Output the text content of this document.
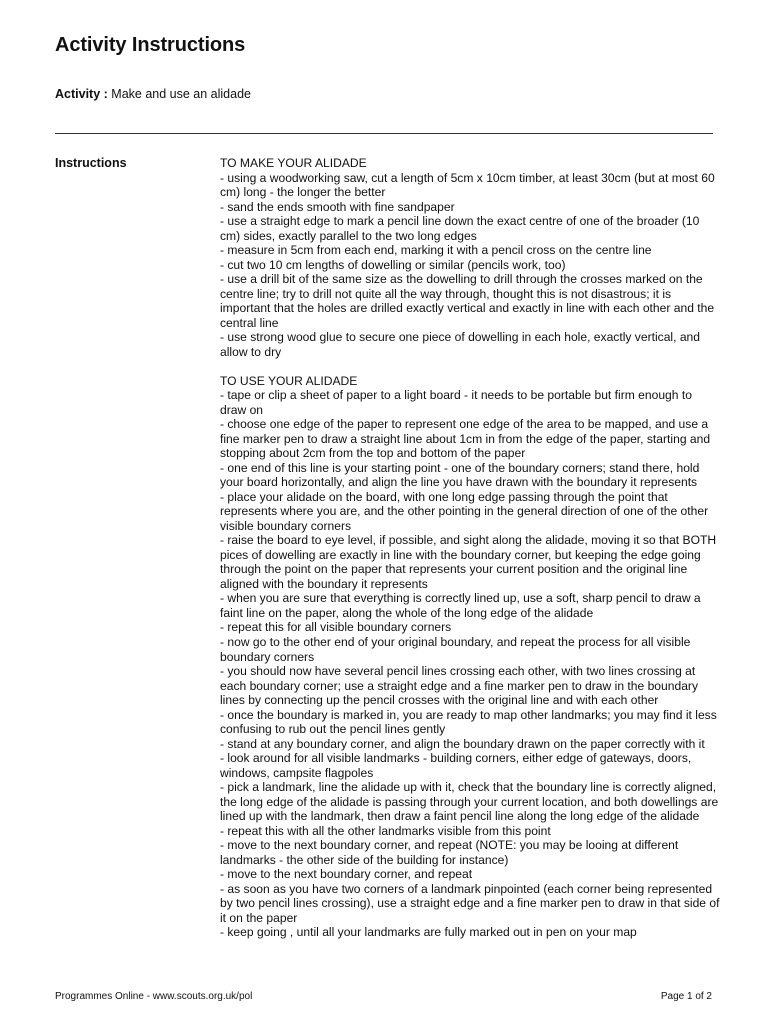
Activity Instructions
Activity : Make and use an alidade
Instructions	TO MAKE YOUR ALIDADE
- using a woodworking saw, cut a length of 5cm x 10cm timber, at least 30cm (but at most 60 cm) long - the longer the better
- sand the ends smooth with fine sandpaper
- use a straight edge to mark a pencil line down the exact centre of one of the broader (10 cm) sides, exactly parallel to the two long edges
- measure in 5cm from each end, marking it with a pencil cross on the centre line
- cut two 10 cm lengths of dowelling or similar (pencils work, too)
- use a drill bit of the same size as the dowelling to drill through the crosses marked on the centre line; try to drill not quite all the way through, thought this is not disastrous; it is important that the holes are drilled exactly vertical and exactly in line with each other and the central line
- use strong wood glue to secure one piece of dowelling in each hole, exactly vertical, and allow to dry

TO USE YOUR ALIDADE
- tape or clip a sheet of paper to a light board - it needs to be portable but firm enough to draw on
- choose one edge of the paper to represent one edge of the area to be mapped, and use a fine marker pen to draw a straight line about 1cm in from the edge of the paper, starting and stopping about 2cm from the top and bottom of the paper
- one end of this line is your starting point - one of the boundary corners; stand there, hold your board horizontally, and align the line you have drawn with the boundary it represents
- place your alidade on the board, with one long edge passing through the point that represents where you are, and the other pointing in the general direction of one of the other visible boundary corners
- raise the board to eye level, if possible, and sight along the alidade, moving it so that BOTH pices of dowelling are exactly in line with the boundary corner, but keeping the edge going through the point on the paper that represents your current position and the original line aligned with the boundary it represents
- when you are sure that everything is correctly lined up, use a soft, sharp pencil to draw a faint line on the paper, along the whole of the long edge of the alidade
- repeat this for all visible boundary corners
- now go to the other end of your original boundary, and repeat the process for all visible boundary corners
- you should now have several pencil lines crossing each other, with two lines crossing at each boundary corner; use a straight edge and a fine marker pen to draw in the boundary lines by connecting up the pencil crosses with the original line and with each other
- once the boundary is marked in, you are ready to map other landmarks; you may find it less confusing to rub out the pencil lines gently
- stand at any boundary corner, and align the boundary drawn on the paper correctly with it
- look around for all visible landmarks - building corners, either edge of gateways, doors, windows, campsite flagpoles
- pick a landmark, line the alidade up with it, check that the boundary line is correctly aligned, the long edge of the alidade is passing through your current location, and both dowellings are lined up with the landmark, then draw a faint pencil line along the long edge of the alidade
- repeat this with all the other landmarks visible from this point
- move to the next boundary corner, and repeat (NOTE: you may be looing at different landmarks - the other side of the building for instance)
- move to the next boundary corner, and repeat
- as soon as you have two corners of a landmark pinpointed (each corner being represented by two pencil lines crossing), use a straight edge and a fine marker pen to draw in that side of it on the paper
- keep going , until all your landmarks are fully marked out in pen on your map

Programmes Online - www.scouts.org.uk/pol	Page 1 of 2
